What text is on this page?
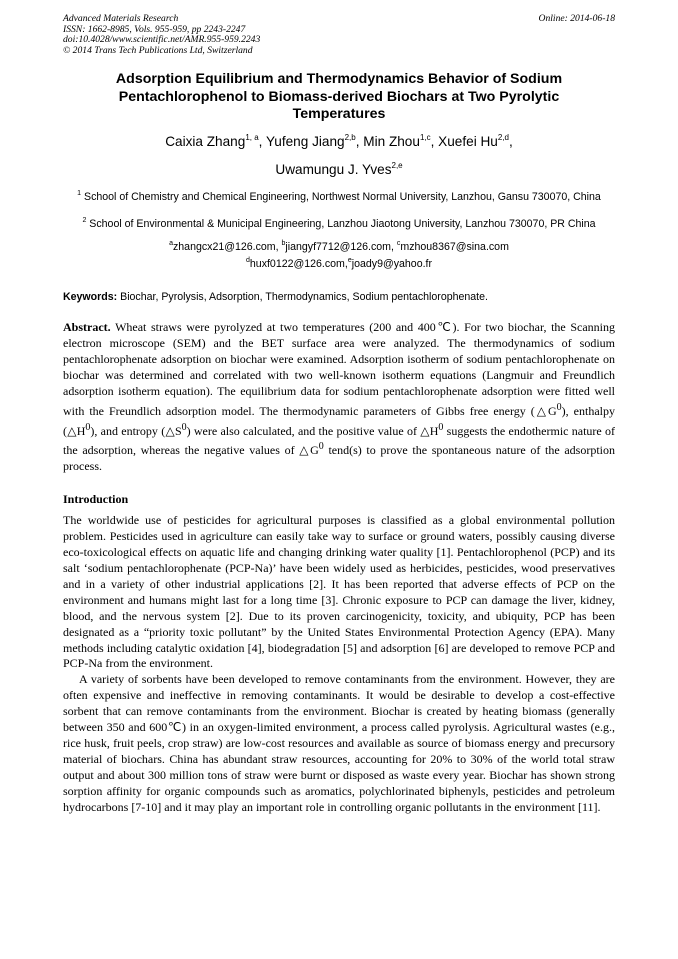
Advanced Materials Research
ISSN: 1662-8985, Vols. 955-959, pp 2243-2247
doi:10.4028/www.scientific.net/AMR.955-959.2243
© 2014 Trans Tech Publications Ltd, Switzerland
Online: 2014-06-18
Adsorption Equilibrium and Thermodynamics Behavior of Sodium Pentachlorophenol to Biomass-derived Biochars at Two Pyrolytic Temperatures
Caixia Zhang$^{1, a}$, Yufeng Jiang$^{2,b}$, Min Zhou$^{1,c}$, Xuefei Hu$^{2,d}$,
Uwamungu J. Yves$^{2,e}$
$^1$ School of Chemistry and Chemical Engineering, Northwest Normal University, Lanzhou, Gansu 730070, China
$^2$ School of Environmental & Municipal Engineering, Lanzhou Jiaotong University, Lanzhou 730070, PR China
$^a$zhangcx21@126.com, $^b$jiangyf7712@126.com, $^c$mzhou8367@sina.com
$^d$huxf0122@126.com,$^e$joady9@yahoo.fr
Keywords: Biochar, Pyrolysis, Adsorption, Thermodynamics, Sodium pentachlorophenate.
Abstract. Wheat straws were pyrolyzed at two temperatures (200 and 400℃). For two biochar, the Scanning electron microscope (SEM) and the BET surface area were analyzed. The thermodynamics of sodium pentachlorophenate adsorption on biochar were examined. Adsorption isotherm of sodium pentachlorophenate on biochar was determined and correlated with two well-known isotherm equations (Langmuir and Freundlich adsorption isotherm equation). The equilibrium data for sodium pentachlorophenate adsorption were fitted well with the Freundlich adsorption model. The thermodynamic parameters of Gibbs free energy $(\triangle G^0)$, enthalpy $(\triangle H^0)$, and entropy $(\triangle S^0)$ were also calculated, and the positive value of $\triangle H^0$ suggests the endothermic nature of the adsorption, whereas the negative values of $\triangle G^0$ tend(s) to prove the spontaneous nature of the adsorption process.
Introduction

The worldwide use of pesticides for agricultural purposes is classified as a global environmental pollution problem. Pesticides used in agriculture can easily take way to surface or ground waters, possibly causing diverse eco-toxicological effects on aquatic life and changing drinking water quality [1]. Pentachlorophenol (PCP) and its salt ‘sodium pentachlorophenate (PCP-Na)’ have been widely used as herbicides, pesticides, wood preservatives and in a variety of other industrial applications [2]. It has been reported that adverse effects of PCP on the environment and humans might last for a long time [3]. Chronic exposure to PCP can damage the liver, kidney, blood, and the nervous system [2]. Due to its proven carcinogenicity, toxicity, and ubiquity, PCP has been designated as a “priority toxic pollutant” by the United States Environmental Protection Agency (EPA). Many methods including catalytic oxidation [4], biodegradation [5] and adsorption [6] are developed to remove PCP and PCP-Na from the environment.

A variety of sorbents have been developed to remove contaminants from the environment. However, they are often expensive and ineffective in removing contaminants. It would be desirable to develop a cost-effective sorbent that can remove contaminants from the environment. Biochar is created by heating biomass (generally between 350 and 600℃) in an oxygen-limited environment, a process called pyrolysis. Agricultural wastes (e.g., rice husk, fruit peels, crop straw) are low-cost resources and available as source of biomass energy and precursory material of biochars. China has abundant straw resources, accounting for 20% to 30% of the world total straw output and about 300 million tons of straw were burnt or disposed as waste every year. Biochar has shown strong sorption affinity for organic compounds such as aromatics, polychlorinated biphenyls, pesticides and petroleum hydrocarbons [7-10] and it may play an important role in controlling organic pollutants in the environment [11].
